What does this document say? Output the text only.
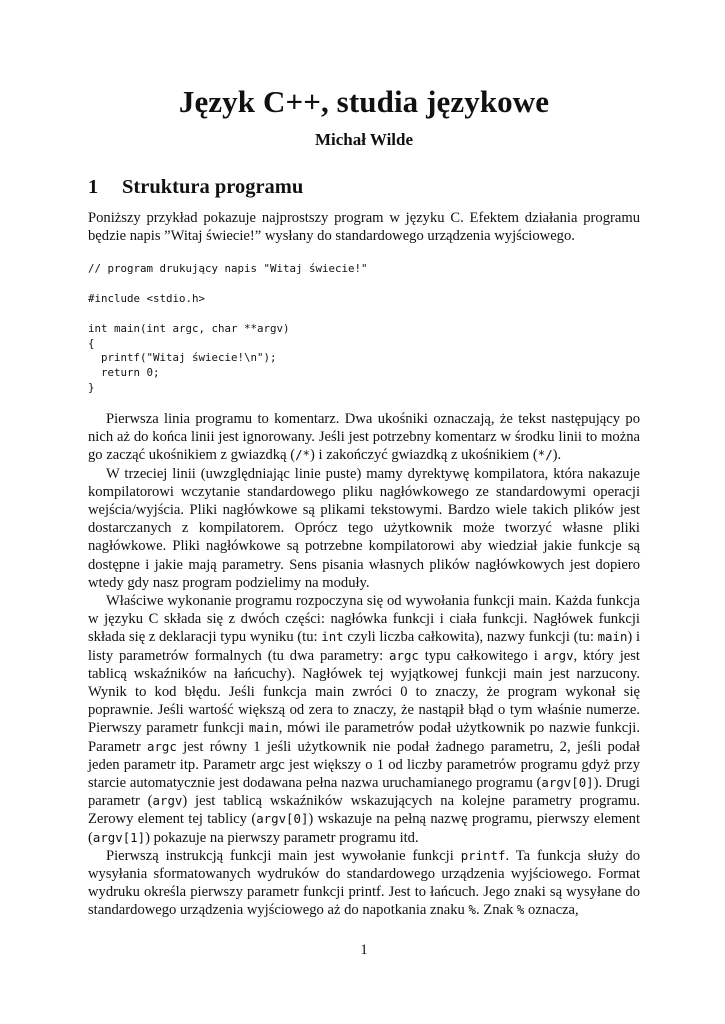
Język C++, studia językowe
Michał Wilde
1 Struktura programu

Poniższy przykład pokazuje najprostszy program w języku C. Efektem działania programu będzie napis ”Witaj świecie!” wysłany do standardowego urządzenia wyjściowego.

// program drukujący napis "Witaj świecie!"

#include <stdio.h>

int main(int argc, char **argv)
{
printf("Witaj świecie!\n");
return 0;
}
Pierwsza linia programu to komentarz. Dwa ukośniki oznaczają, że tekst następujący po nich aż do końca linii jest ignorowany. Jeśli jest potrzebny komentarz w środku linii to można go zacząć ukośnikiem z gwiazdką (/*) i zakończyć gwiazdką z ukośnikiem (*/).
W trzeciej linii (uwzględniając linie puste) mamy dyrektywę kompilatora, która nakazuje kompilatorowi wczytanie standardowego pliku nagłówkowego ze standardowymi operacji wejścia/wyjścia. Pliki nagłówkowe są plikami tekstowymi. Bardzo wiele takich plików jest dostarczanych z kompilatorem. Oprócz tego użytkownik może tworzyć własne pliki nagłówkowe. Pliki nagłówkowe są potrzebne kompilatorowi aby wiedział jakie funkcje są dostępne i jakie mają parametry. Sens pisania własnych plików nagłówkowych jest dopiero wtedy gdy nasz program podzielimy na moduły.
Właściwe wykonanie programu rozpoczyna się od wywołania funkcji main. Każda funkcja w języku C składa się z dwóch części: nagłówka funkcji i ciała funkcji. Nagłówek funkcji składa się z deklaracji typu wyniku (tu: int czyli liczba całkowita), nazwy funkcji (tu: main) i listy parametrów formalnych (tu dwa parametry: argc typu całkowitego i argv, który jest tablicą wskaźników na łańcuchy). Nagłówek tej wyjątkowej funkcji main jest narzucony. Wynik to kod błędu. Jeśli funkcja main zwróci 0 to znaczy, że program wykonał się poprawnie. Jeśli wartość większą od zera to znaczy, że nastąpił błąd o tym właśnie numerze. Pierwszy parametr funkcji main, mówi ile parametrów podał użytkownik po nazwie funkcji. Parametr argc jest równy 1 jeśli użytkownik nie podał żadnego parametru, 2, jeśli podał jeden parametr itp. Parametr argc jest większy o 1 od liczby parametrów programu gdyż przy starcie automatycznie jest dodawana pełna nazwa uruchamianego programu (argv[0]). Drugi parametr (argv) jest tablicą wskaźników wskazujących na kolejne parametry programu. Zerowy element tej tablicy (argv[0]) wskazuje na pełną nazwę programu, pierwszy element (argv[1]) pokazuje na pierwszy parametr programu itd.
Pierwszą instrukcją funkcji main jest wywołanie funkcji printf. Ta funkcja służy do wysyłania sformatowanych wydruków do standardowego urządzenia wyjściowego. Format wydruku określa pierwszy parametr funkcji printf. Jest to łańcuch. Jego znaki są wysyłane do standardowego urządzenia wyjściowego aż do napotkania znaku %. Znak % oznacza,
1
